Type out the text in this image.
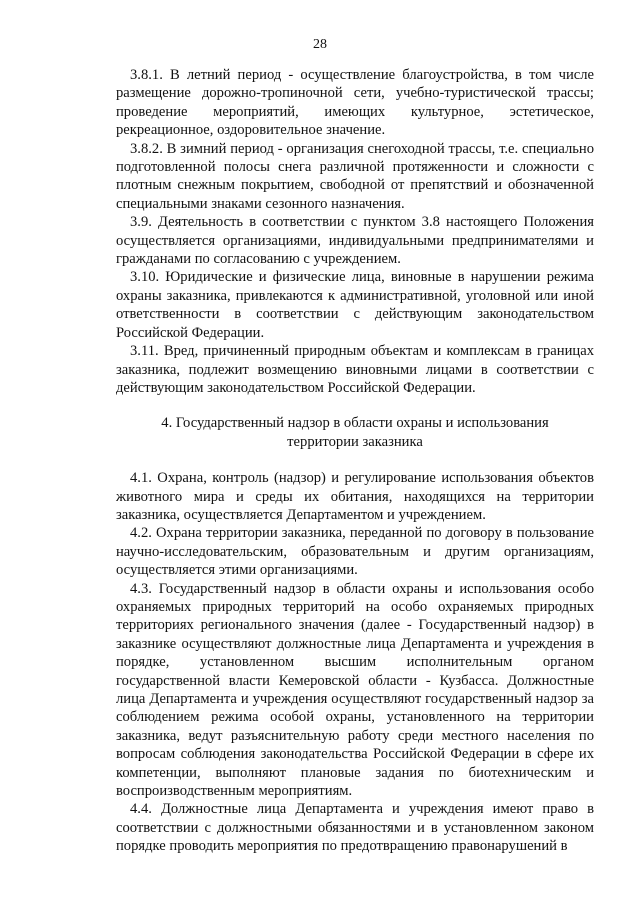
28

3.8.1. В летний период - осуществление благоустройства, в том числе размещение дорожно-тропиночной сети, учебно-туристической трассы; проведение мероприятий, имеющих культурное, эстетическое, рекреационное, оздоровительное значение.

3.8.2. В зимний период - организация снегоходной трассы, т.е. специально подготовленной полосы снега различной протяженности и сложности с плотным снежным покрытием, свободной от препятствий и обозначенной специальными знаками сезонного назначения.

3.9. Деятельность в соответствии с пунктом 3.8 настоящего Положения осуществляется организациями, индивидуальными предпринимателями и гражданами по согласованию с учреждением.

3.10. Юридические и физические лица, виновные в нарушении режима охраны заказника, привлекаются к административной, уголовной или иной ответственности в соответствии с действующим законодательством Российской Федерации.

3.11. Вред, причиненный природным объектам и комплексам в границах заказника, подлежит возмещению виновными лицами в соответствии с действующим законодательством Российской Федерации.

4. Государственный надзор в области охраны и использования территории заказника

4.1. Охрана, контроль (надзор) и регулирование использования объектов животного мира и среды их обитания, находящихся на территории заказника, осуществляется Департаментом и учреждением.

4.2. Охрана территории заказника, переданной по договору в пользование научно-исследовательским, образовательным и другим организациям, осуществляется этими организациями.

4.3. Государственный надзор в области охраны и использования особо охраняемых природных территорий на особо охраняемых природных территориях регионального значения (далее - Государственный надзор) в заказнике осуществляют должностные лица Департамента и учреждения в порядке, установленном высшим исполнительным органом государственной власти Кемеровской области - Кузбасса. Должностные лица Департамента и учреждения осуществляют государственный надзор за соблюдением режима особой охраны, установленного на территории заказника, ведут разъяснительную работу среди местного населения по вопросам соблюдения законодательства Российской Федерации в сфере их компетенции, выполняют плановые задания по биотехническим и воспроизводственным мероприятиям.

4.4. Должностные лица Департамента и учреждения имеют право в соответствии с должностными обязанностями и в установленном законом порядке проводить мероприятия по предотвращению правонарушений в
